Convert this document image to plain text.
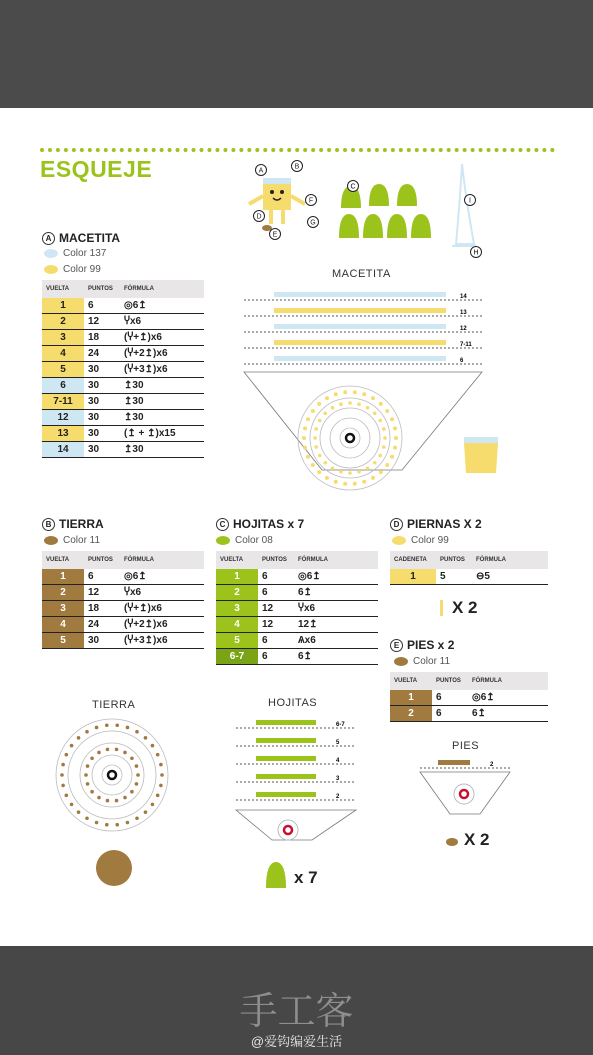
ESQUEJE	A
B
D
E
F
G
C
I
H
A MACETITA
Color 137
Color 99
VUELTA	PUNTOS	FÓRMULA
1	6	◎6↥
2	12	Ⴤx6
3	18	(Ⴤ+↥)x6
4	24	(Ⴤ+2↥)x6
5	30	(Ⴤ+3↥)x6
6	30	↥30
7-11	30	↥30
12	30	↥30
13	30	(↥ + ↥)x15
14	30	↥30
MACETITA
14
13
12
7-11
6
B TIERRA
Color 11
VUELTA	PUNTOS	FÓRMULA
1	6	◎6↥
2	12	Ⴤx6
3	18	(Ⴤ+↥)x6
4	24	(Ⴤ+2↥)x6
5	30	(Ⴤ+3↥)x6
C HOJITAS x 7
Color 08
VUELTA	PUNTOS	FÓRMULA
1	6	◎6↥
2	6	6↥
3	12	Ⴤx6
4	12	12↥
5	6	Ѧx6
6-7	6	6↥
D PIERNAS X 2
Color 99
CADENETA	PUNTOS	FÓRMULA
1	5	⊖5
X 2
E PIES x 2
Color 11
VUELTA	PUNTOS	FÓRMULA
1	6	◎6↥
2	6	6↥
TIERRA	HOJITAS
6-7
5
4
3
2
x 7
PIES
2
X 2
手工客
@爱钩编爱生活
